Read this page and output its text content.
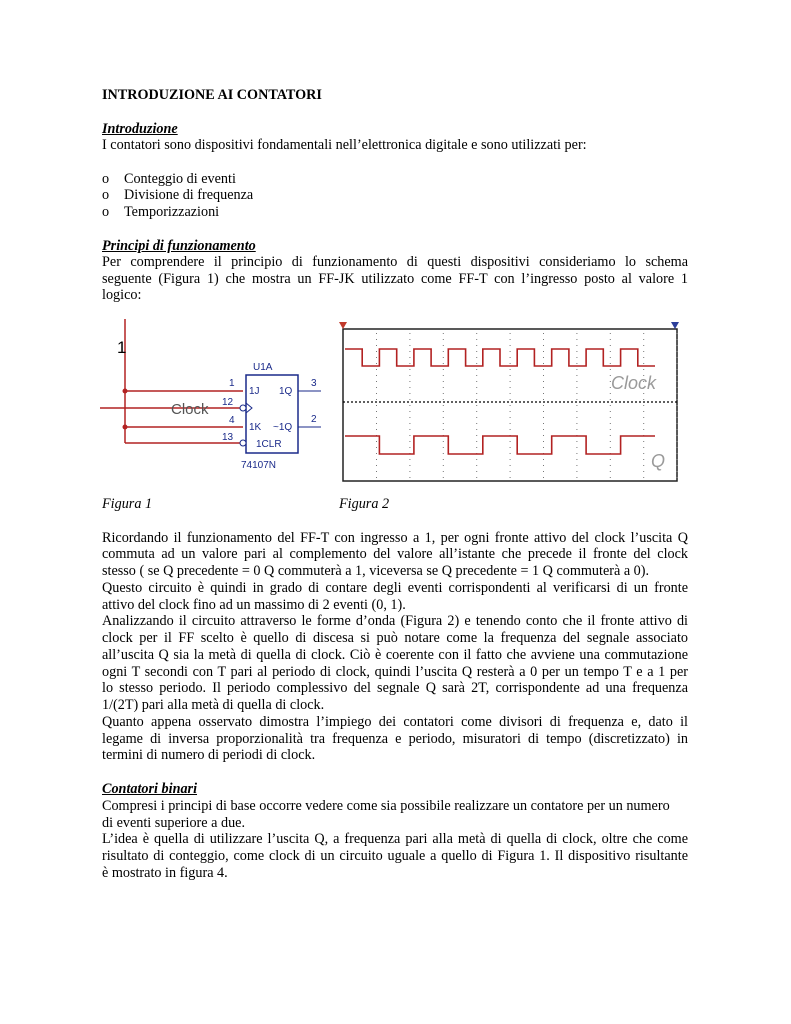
INTRODUZIONE AI CONTATORI
Introduzione
I contatori sono dispositivi fondamentali nell’elettronica digitale e sono utilizzati per:
o Conteggio di eventi
o Divisione di frequenza
o Temporizzazioni
Principi di funzionamento
Per comprendere il principio di funzionamento di questi dispositivi consideriamo lo schema
seguente (Figura 1) che mostra un FF-JK utilizzato come FF-T con l’ingresso posto al valore 1
logico:
1
Clock
U1A
74107N
1J 1Q
1K ~1Q
1CLR
1
12
4
13
3
2
Clock
Q
Figura 1	Figura 2
Ricordando il funzionamento del FF-T con ingresso a 1, per ogni fronte attivo del clock l’uscita Q
commuta ad un valore pari al complemento del valore all’istante che precede il fronte del clock
stesso ( se Q precedente = 0 Q commuterà a 1, viceversa se Q precedente = 1 Q commuterà a 0).
Questo circuito è quindi in grado di contare degli eventi corrispondenti al verificarsi di un fronte
attivo del clock fino ad un massimo di 2 eventi (0, 1).
Analizzando il circuito attraverso le forme d’onda (Figura 2) e tenendo conto che il fronte attivo di
clock per il FF scelto è quello di discesa si può notare come la frequenza del segnale associato
all’uscita Q sia la metà di quella di clock. Ciò è coerente con il fatto che avviene una commutazione
ogni T secondi con T pari al periodo di clock, quindi l’uscita Q resterà a 0 per un tempo T e a 1 per
lo stesso periodo. Il periodo complessivo del segnale Q sarà 2T, corrispondente ad una frequenza
1/(2T) pari alla metà di quella di clock.
Quanto appena osservato dimostra l’impiego dei contatori come divisori di frequenza e, dato il
legame di inversa proporzionalità tra frequenza e periodo, misuratori di tempo (discretizzato) in
termini di numero di periodi di clock.
Contatori binari
Compresi i principi di base occorre vedere come sia possibile realizzare un contatore per un numero
di eventi superiore a due.
L’idea è quella di utilizzare l’uscita Q, a frequenza pari alla metà di quella di clock, oltre che come
risultato di conteggio, come clock di un circuito uguale a quello di Figura 1. Il dispositivo risultante
è mostrato in figura 4.
